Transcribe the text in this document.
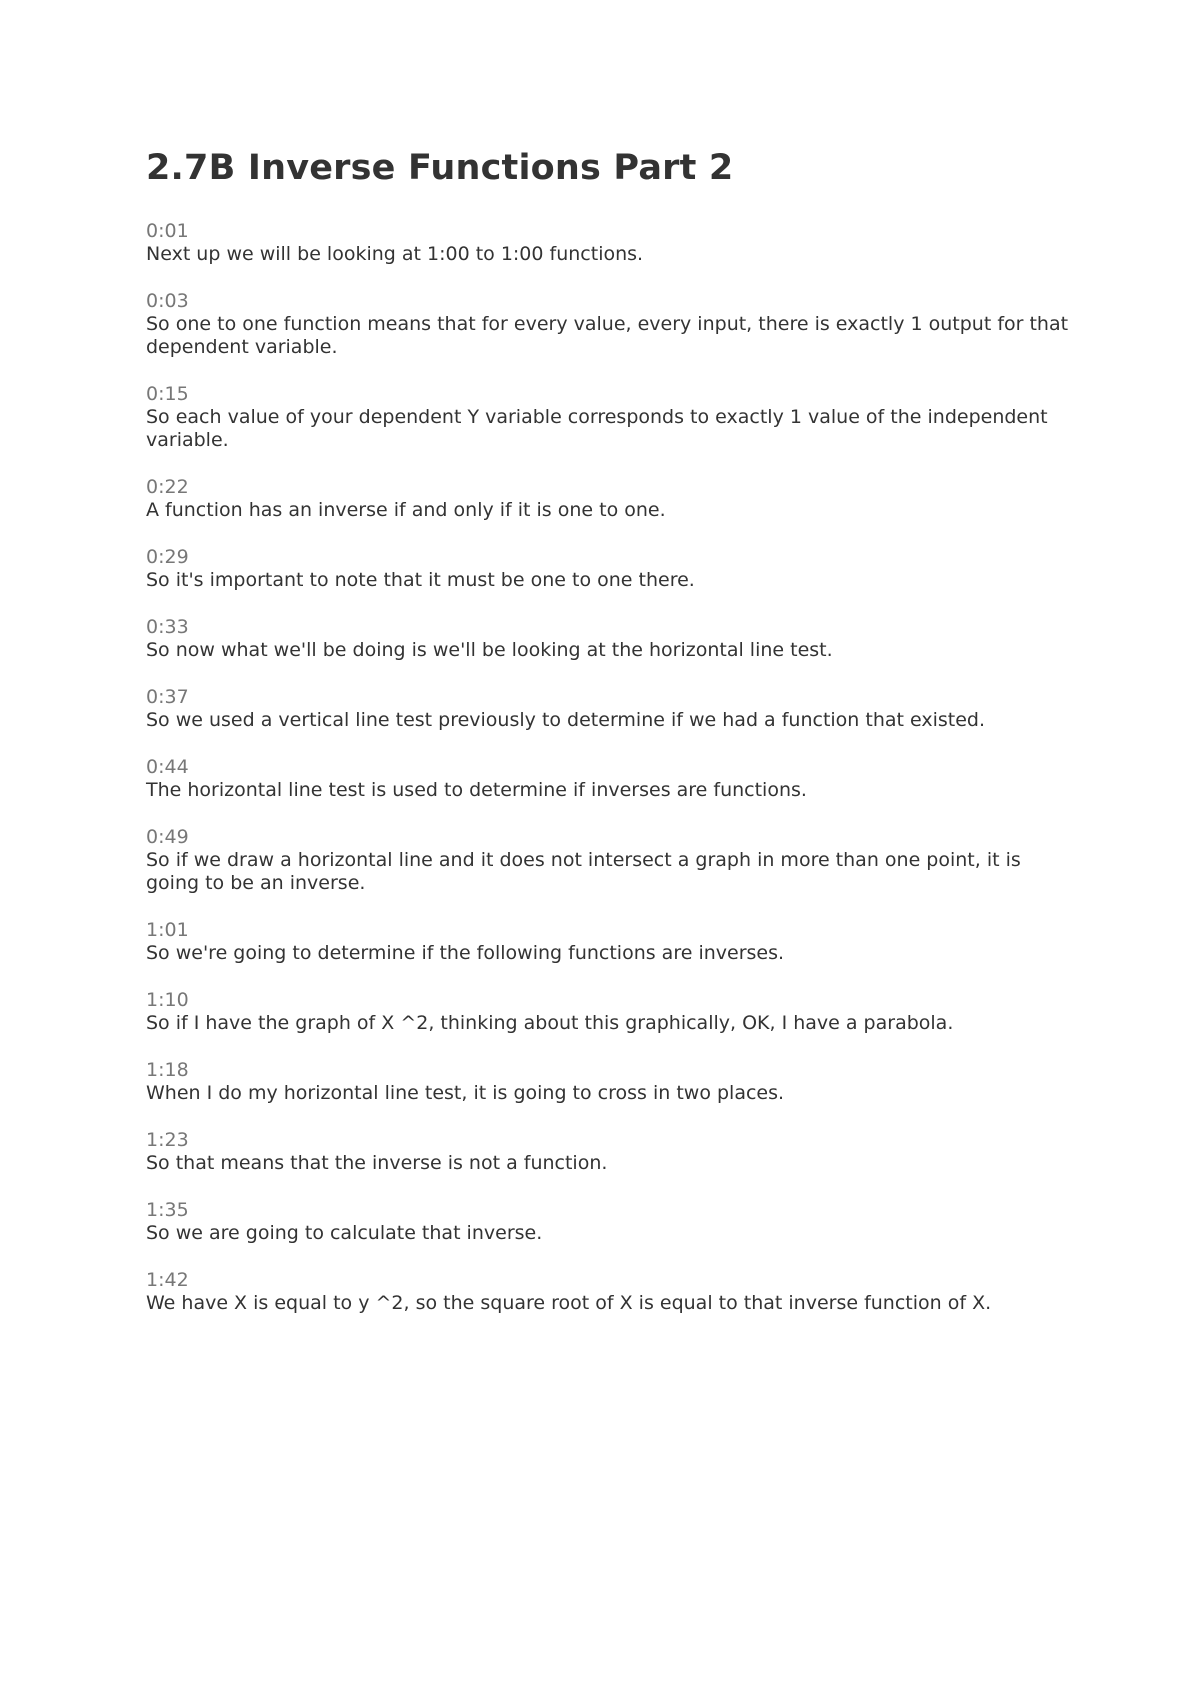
2.7B Inverse Functions Part 2
0:01
Next up we will be looking at 1:00 to 1:00 functions.
0:03
So one to one function means that for every value, every input, there is exactly 1 output for that dependent variable.
0:15
So each value of your dependent Y variable corresponds to exactly 1 value of the independent variable.
0:22
A function has an inverse if and only if it is one to one.
0:29
So it's important to note that it must be one to one there.
0:33
So now what we'll be doing is we'll be looking at the horizontal line test.
0:37
So we used a vertical line test previously to determine if we had a function that existed.
0:44
The horizontal line test is used to determine if inverses are functions.
0:49
So if we draw a horizontal line and it does not intersect a graph in more than one point, it is going to be an inverse.
1:01
So we're going to determine if the following functions are inverses.
1:10
So if I have the graph of X ^2, thinking about this graphically, OK, I have a parabola.
1:18
When I do my horizontal line test, it is going to cross in two places.
1:23
So that means that the inverse is not a function.
1:35
So we are going to calculate that inverse.
1:42
We have X is equal to y ^2, so the square root of X is equal to that inverse function of X.
